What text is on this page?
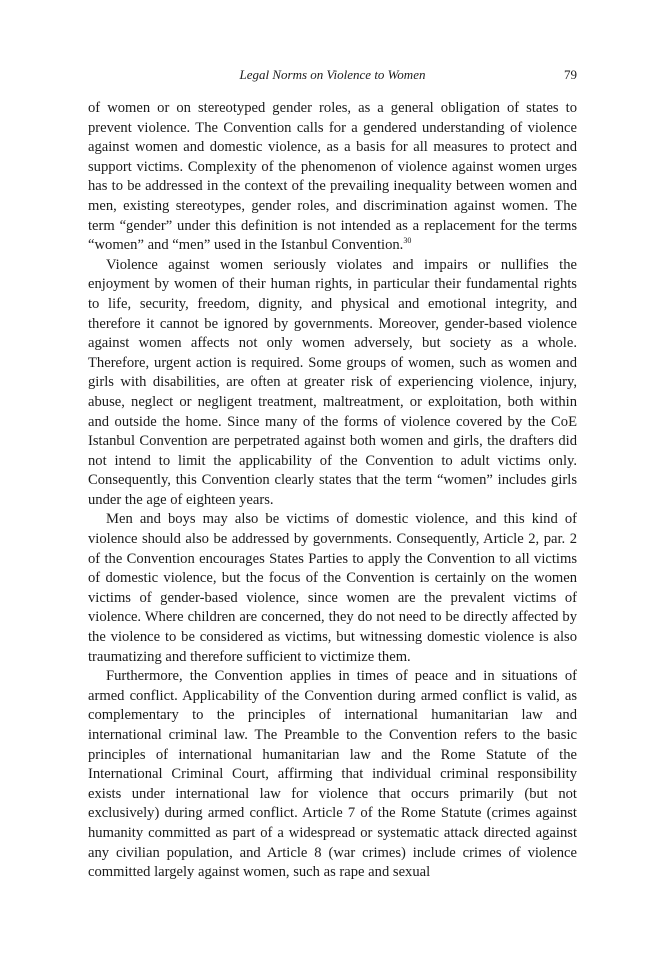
Legal Norms on Violence to Women	79

of women or on stereotyped gender roles, as a general obligation of states to prevent violence. The Convention calls for a gendered understanding of violence against women and domestic violence, as a basis for all measures to protect and support victims. Complexity of the phenomenon of violence against women urges has to be addressed in the context of the prevailing inequality between women and men, existing stereotypes, gender roles, and discrimination against women. The term “gender” under this definition is not intended as a replacement for the terms “women” and “men” used in the Istanbul Convention.$^{30}$

Violence against women seriously violates and impairs or nullifies the enjoyment by women of their human rights, in particular their fundamental rights to life, security, freedom, dignity, and physical and emotional integrity, and therefore it cannot be ignored by governments. Moreover, gender-based violence against women affects not only women adversely, but society as a whole. Therefore, urgent action is required. Some groups of women, such as women and girls with disabilities, are often at greater risk of experiencing violence, injury, abuse, neglect or negligent treatment, maltreatment, or exploitation, both within and outside the home. Since many of the forms of violence covered by the CoE Istanbul Convention are perpetrated against both women and girls, the drafters did not intend to limit the applicability of the Convention to adult victims only. Consequently, this Convention clearly states that the term “women” includes girls under the age of eighteen years.

Men and boys may also be victims of domestic violence, and this kind of violence should also be addressed by governments. Consequently, Article 2, par. 2 of the Convention encourages States Parties to apply the Convention to all victims of domestic violence, but the focus of the Convention is certainly on the women victims of gender-based violence, since women are the prevalent victims of violence. Where children are concerned, they do not need to be directly affected by the violence to be considered as victims, but witnessing domestic violence is also traumatizing and therefore sufficient to victimize them.

Furthermore, the Convention applies in times of peace and in situations of armed conflict. Applicability of the Convention during armed conflict is valid, as complementary to the principles of international humanitarian law and international criminal law. The Preamble to the Convention refers to the basic principles of international humanitarian law and the Rome Statute of the International Criminal Court, affirming that individual criminal responsibility exists under international law for violence that occurs primarily (but not exclusively) during armed conflict. Article 7 of the Rome Statute (crimes against humanity committed as part of a widespread or systematic attack directed against any civilian population, and Article 8 (war crimes) include crimes of violence committed largely against women, such as rape and sexual
